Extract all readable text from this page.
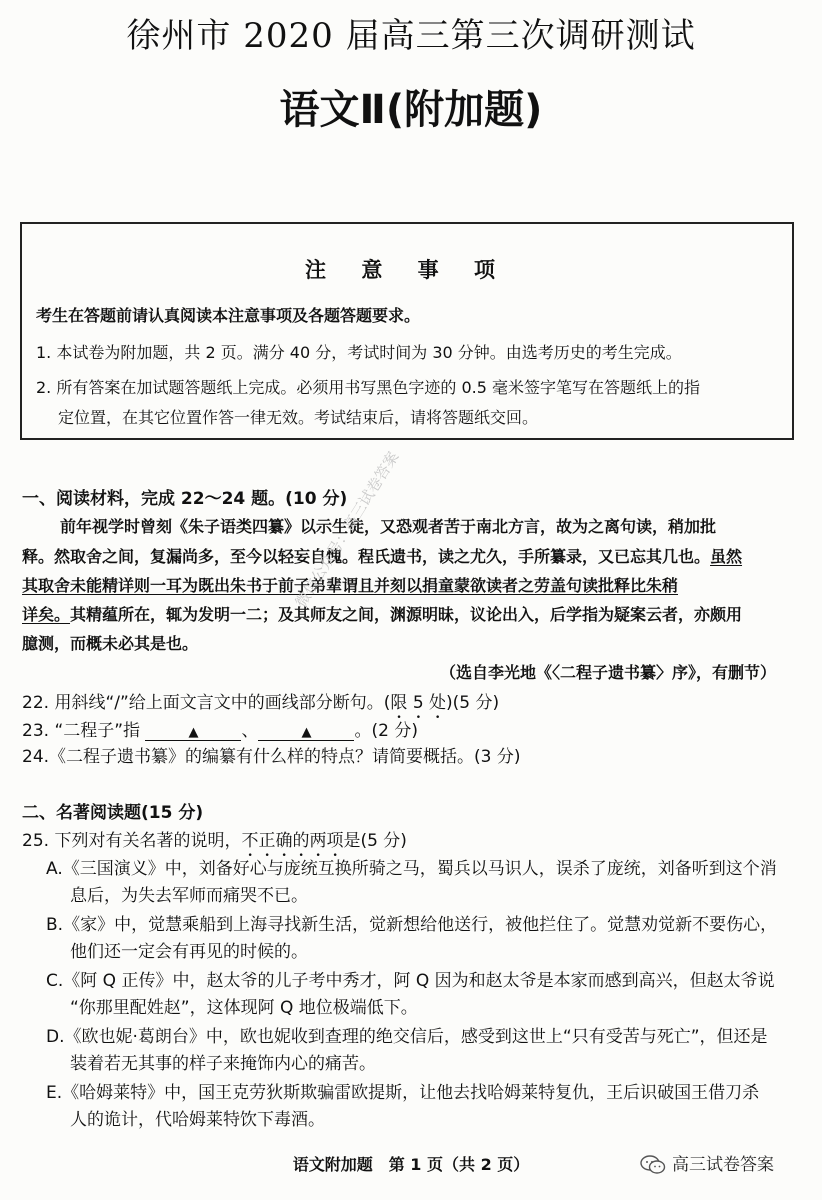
徐州市 2020 届高三第三次调研测试
语文Ⅱ(附加题)
注 意 事 项
考生在答题前请认真阅读本注意事项及各题答题要求。
1. 本试卷为附加题，共 2 页。满分 40 分，考试时间为 30 分钟。由选考历史的考生完成。
2. 所有答案在加试题答题纸上完成。必须用书写黑色字迹的 0.5 毫米签字笔写在答题纸上的指
定位置，在其它位置作答一律无效。考试结束后，请将答题纸交回。
一、阅读材料，完成 22～24 题。(10 分)
前年视学时曾刻《朱子语类四纂》以示生徒，又恐观者苦于南北方言，故为之离句读，稍加批
释。然取舍之间，复漏尚多，至今以轻妄自愧。程氏遗书，读之尤久，手所纂录，又已忘其几也。虽然
其取舍未能精详则一耳为既出朱书于前子弟辈谓且并刻以捐童蒙欲读者之劳盖句读批释比朱稍
详矣。其精蕴所在，辄为发明一二；及其师友之间，渊源明昧，议论出入，后学指为疑案云者，亦颇用
臆测，而概未必其是也。
（选自李光地《〈二程子遗书纂〉序》，有删节）
22. 用斜线“/”给上面文言文中的画线部分断句。(限 5 处)(5 分)
23. “二程子”指	▲	、	▲	。(2 分)
24.《二程子遗书纂》的编纂有什么样的特点？请简要概括。(3 分)
二、名著阅读题(15 分)
25. 下列对有关名著的说明，不正确的两项是(5 分)
A.《三国演义》中，刘备好心与庞统互换所骑之马，蜀兵以马识人，误杀了庞统，刘备听到这个消
息后，为失去军师而痛哭不已。
B.《家》中，觉慧乘船到上海寻找新生活，觉新想给他送行，被他拦住了。觉慧劝觉新不要伤心，
他们还一定会有再见的时候的。
C.《阿 Q 正传》中，赵太爷的儿子考中秀才，阿 Q 因为和赵太爷是本家而感到高兴，但赵太爷说
“你那里配姓赵”，这体现阿 Q 地位极端低下。
D.《欧也妮·葛朗台》中，欧也妮收到查理的绝交信后，感受到这世上“只有受苦与死亡”，但还是
装着若无其事的样子来掩饰内心的痛苦。
E.《哈姆莱特》中，国王克劳狄斯欺骗雷欧提斯，让他去找哈姆莱特复仇，王后识破国王借刀杀
人的诡计，代哈姆莱特饮下毒酒。
语文附加题　第 1 页（共 2 页）
微信公众号：高三试卷答案
高三试卷答案
